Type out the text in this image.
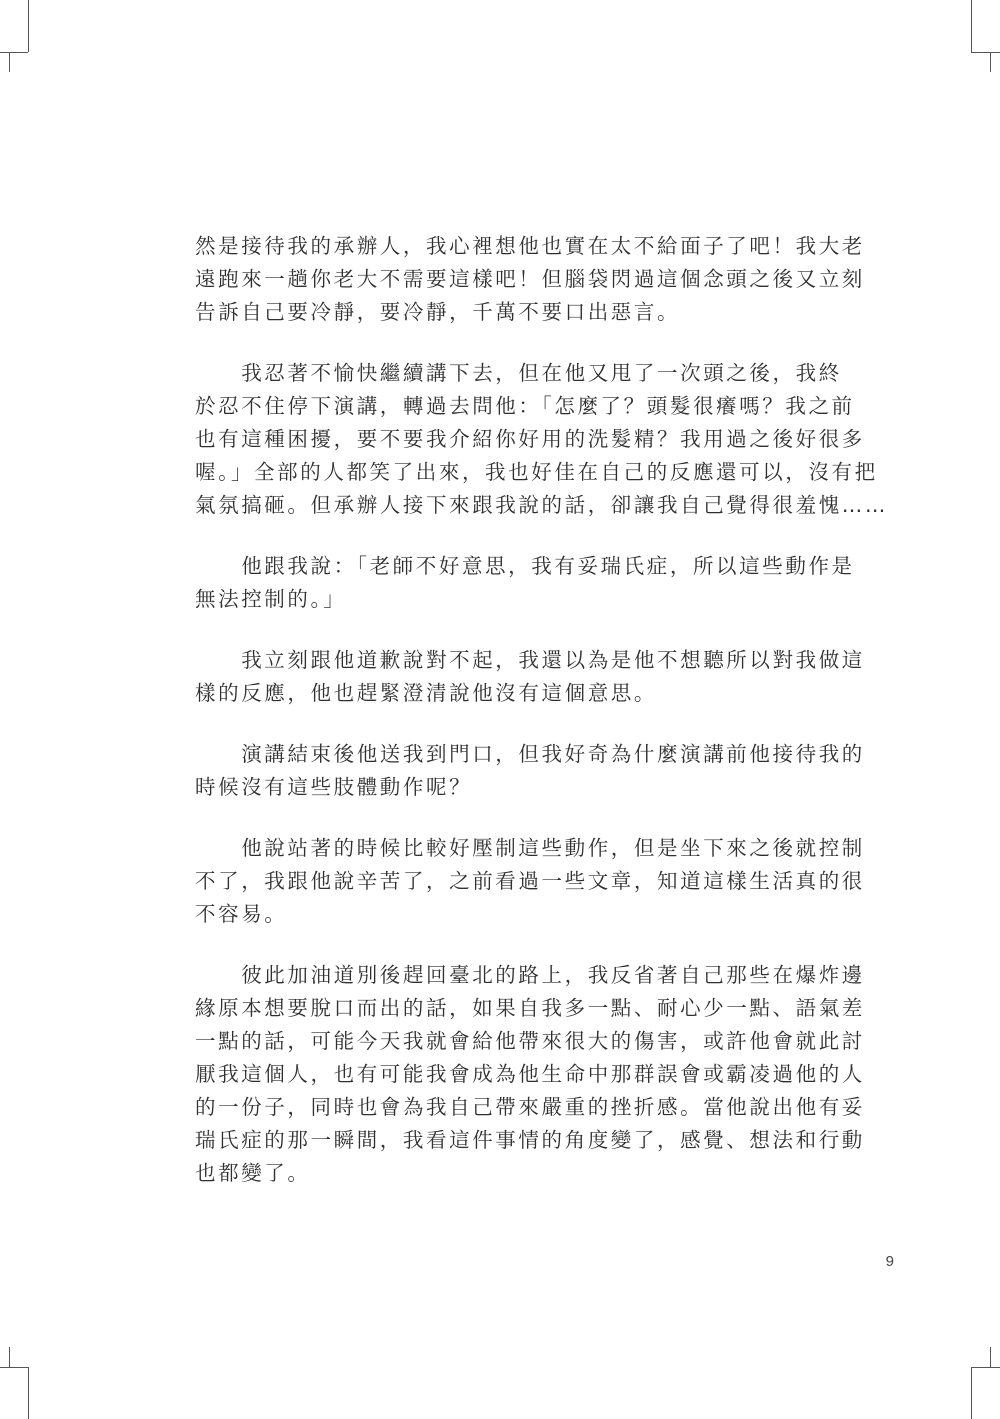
然是接待我的承辦人，我心裡想他也實在太不給面子了吧！我大老
遠跑來一趟你老大不需要這樣吧！但腦袋閃過這個念頭之後又立刻
告訴自己要冷靜，要冷靜，千萬不要口出惡言。

　　我忍著不愉快繼續講下去，但在他又甩了一次頭之後，我終
於忍不住停下演講，轉過去問他：「怎麼了？頭髮很癢嗎？我之前
也有這種困擾，要不要我介紹你好用的洗髮精？我用過之後好很多
喔。」全部的人都笑了出來，我也好佳在自己的反應還可以，沒有把
氣氛搞砸。但承辦人接下來跟我說的話，卻讓我自己覺得很羞愧……

　　他跟我說：「老師不好意思，我有妥瑞氏症，所以這些動作是
無法控制的。」

　　我立刻跟他道歉說對不起，我還以為是他不想聽所以對我做這
樣的反應，他也趕緊澄清說他沒有這個意思。

　　演講結束後他送我到門口，但我好奇為什麼演講前他接待我的
時候沒有這些肢體動作呢？

　　他說站著的時候比較好壓制這些動作，但是坐下來之後就控制
不了，我跟他說辛苦了，之前看過一些文章，知道這樣生活真的很
不容易。

　　彼此加油道別後趕回臺北的路上，我反省著自己那些在爆炸邊
緣原本想要脫口而出的話，如果自我多一點、耐心少一點、語氣差
一點的話，可能今天我就會給他帶來很大的傷害，或許他會就此討
厭我這個人，也有可能我會成為他生命中那群誤會或霸凌過他的人
的一份子，同時也會為我自己帶來嚴重的挫折感。當他說出他有妥
瑞氏症的那一瞬間，我看這件事情的角度變了，感覺、想法和行動
也都變了。

9
